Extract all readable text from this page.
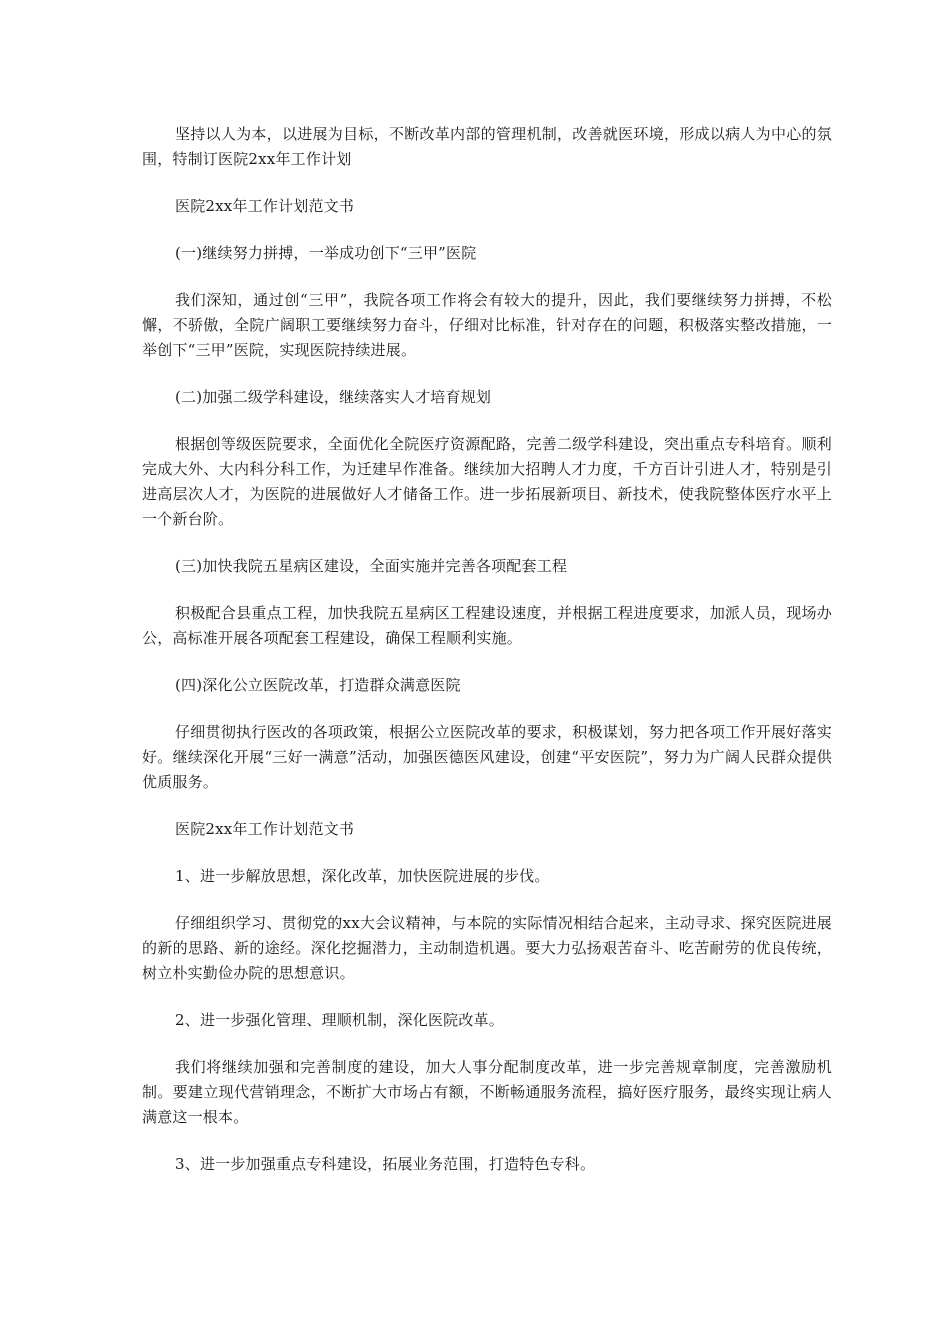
坚持以人为本，以进展为目标，不断改革内部的管理机制，改善就医环境，形成以病人为中心的氛围，特制订医院2xx年工作计划

医院2xx年工作计划范文书

(一)继续努力拼搏，一举成功创下“三甲”医院

我们深知，通过创“三甲”，我院各项工作将会有较大的提升，因此，我们要继续努力拼搏，不松懈，不骄傲，全院广阔职工要继续努力奋斗，仔细对比标准，针对存在的问题，积极落实整改措施，一举创下“三甲”医院，实现医院持续进展。

(二)加强二级学科建设，继续落实人才培育规划

根据创等级医院要求，全面优化全院医疗资源配路，完善二级学科建设，突出重点专科培育。顺利完成大外、大内科分科工作，为迁建早作准备。继续加大招聘人才力度，千方百计引进人才，特别是引进高层次人才，为医院的进展做好人才储备工作。进一步拓展新项目、新技术，使我院整体医疗水平上一个新台阶。

(三)加快我院五星病区建设，全面实施并完善各项配套工程

积极配合县重点工程，加快我院五星病区工程建设速度，并根据工程进度要求，加派人员，现场办公，高标准开展各项配套工程建设，确保工程顺利实施。

(四)深化公立医院改革，打造群众满意医院

仔细贯彻执行医改的各项政策，根据公立医院改革的要求，积极谋划，努力把各项工作开展好落实好。继续深化开展“三好一满意”活动，加强医德医风建设，创建“平安医院”，努力为广阔人民群众提供优质服务。

医院2xx年工作计划范文书

1、进一步解放思想，深化改革，加快医院进展的步伐。

仔细组织学习、贯彻党的xx大会议精神，与本院的实际情况相结合起来，主动寻求、探究医院进展的新的思路、新的途经。深化挖掘潜力，主动制造机遇。要大力弘扬艰苦奋斗、吃苦耐劳的优良传统，树立朴实勤俭办院的思想意识。

2、进一步强化管理、理顺机制，深化医院改革。

我们将继续加强和完善制度的建设，加大人事分配制度改革，进一步完善规章制度，完善激励机制。要建立现代营销理念，不断扩大市场占有额，不断畅通服务流程，搞好医疗服务，最终实现让病人满意这一根本。

3、进一步加强重点专科建设，拓展业务范围，打造特色专科。
